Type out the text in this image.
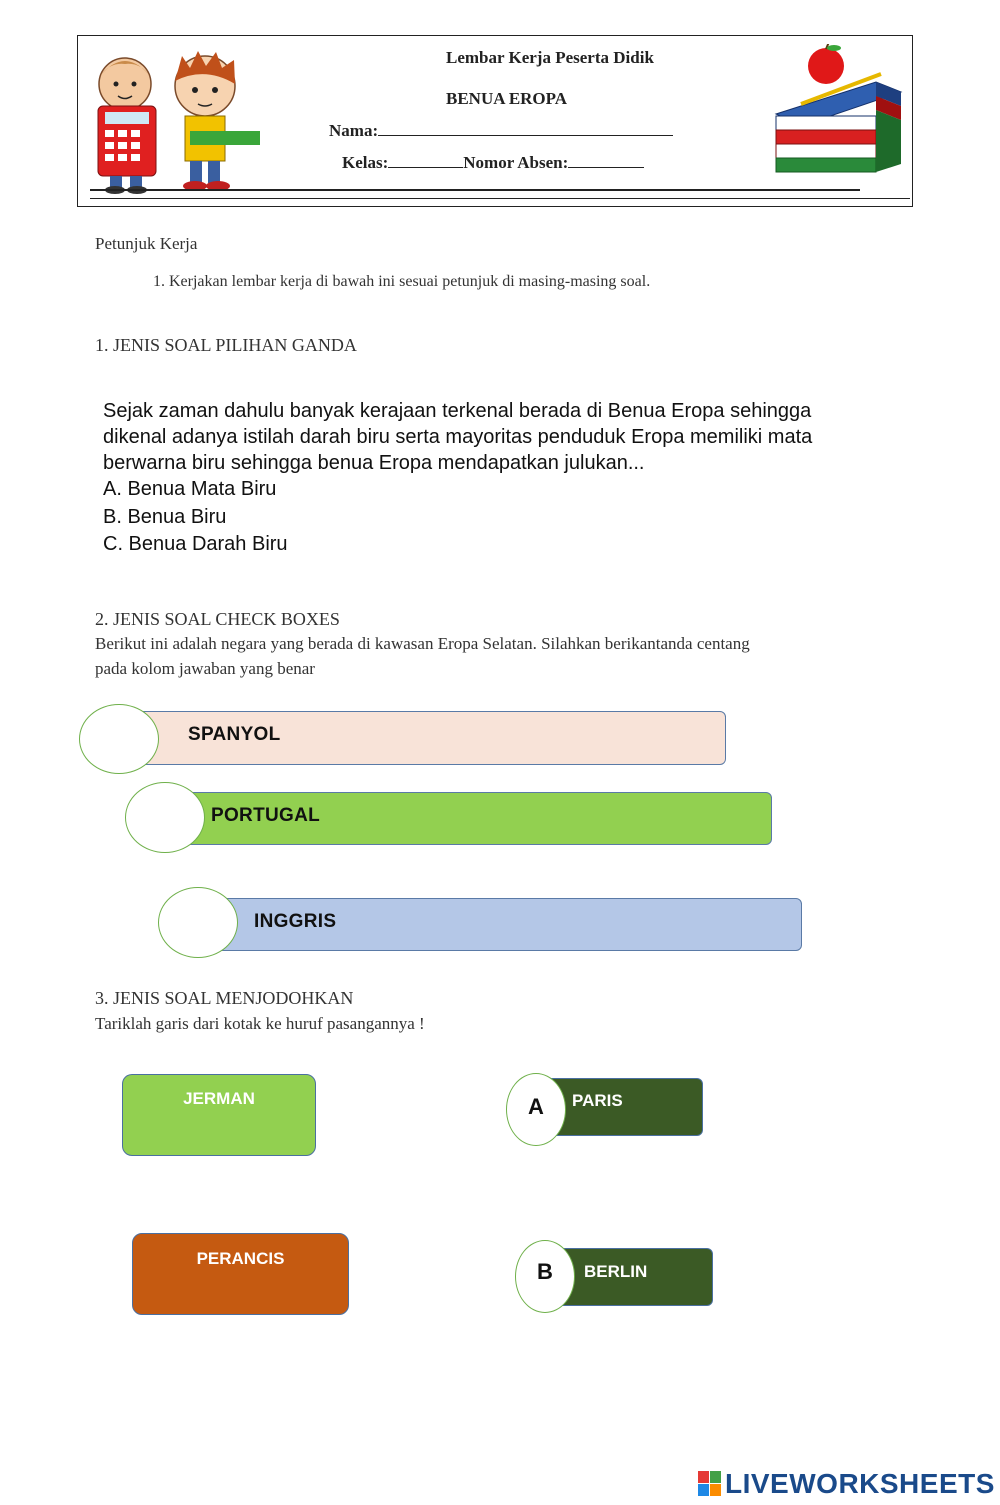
Lembar Kerja Peserta Didik
BENUA EROPA
Nama:
Kelas:	Nomor Absen:
Petunjuk Kerja
1. Kerjakan lembar kerja di bawah ini sesuai petunjuk di masing-masing soal.
1. JENIS SOAL PILIHAN GANDA
Sejak zaman dahulu banyak kerajaan terkenal berada di Benua Eropa sehingga
dikenal adanya istilah darah biru serta mayoritas penduduk Eropa memiliki mata
berwarna biru sehingga benua Eropa mendapatkan julukan...
A. Benua Mata Biru
B. Benua Biru
C. Benua Darah Biru
2. JENIS SOAL CHECK BOXES
Berikut ini adalah negara yang berada di kawasan Eropa Selatan. Silahkan berikantanda centang
pada kolom jawaban yang benar
SPANYOL
PORTUGAL
INGGRIS
3. JENIS SOAL MENJODOHKAN
Tariklah garis dari kotak ke huruf pasangannya !
JERMAN
PERANCIS
PARIS
A
BERLIN
B
LIVEWORKSHEETS
